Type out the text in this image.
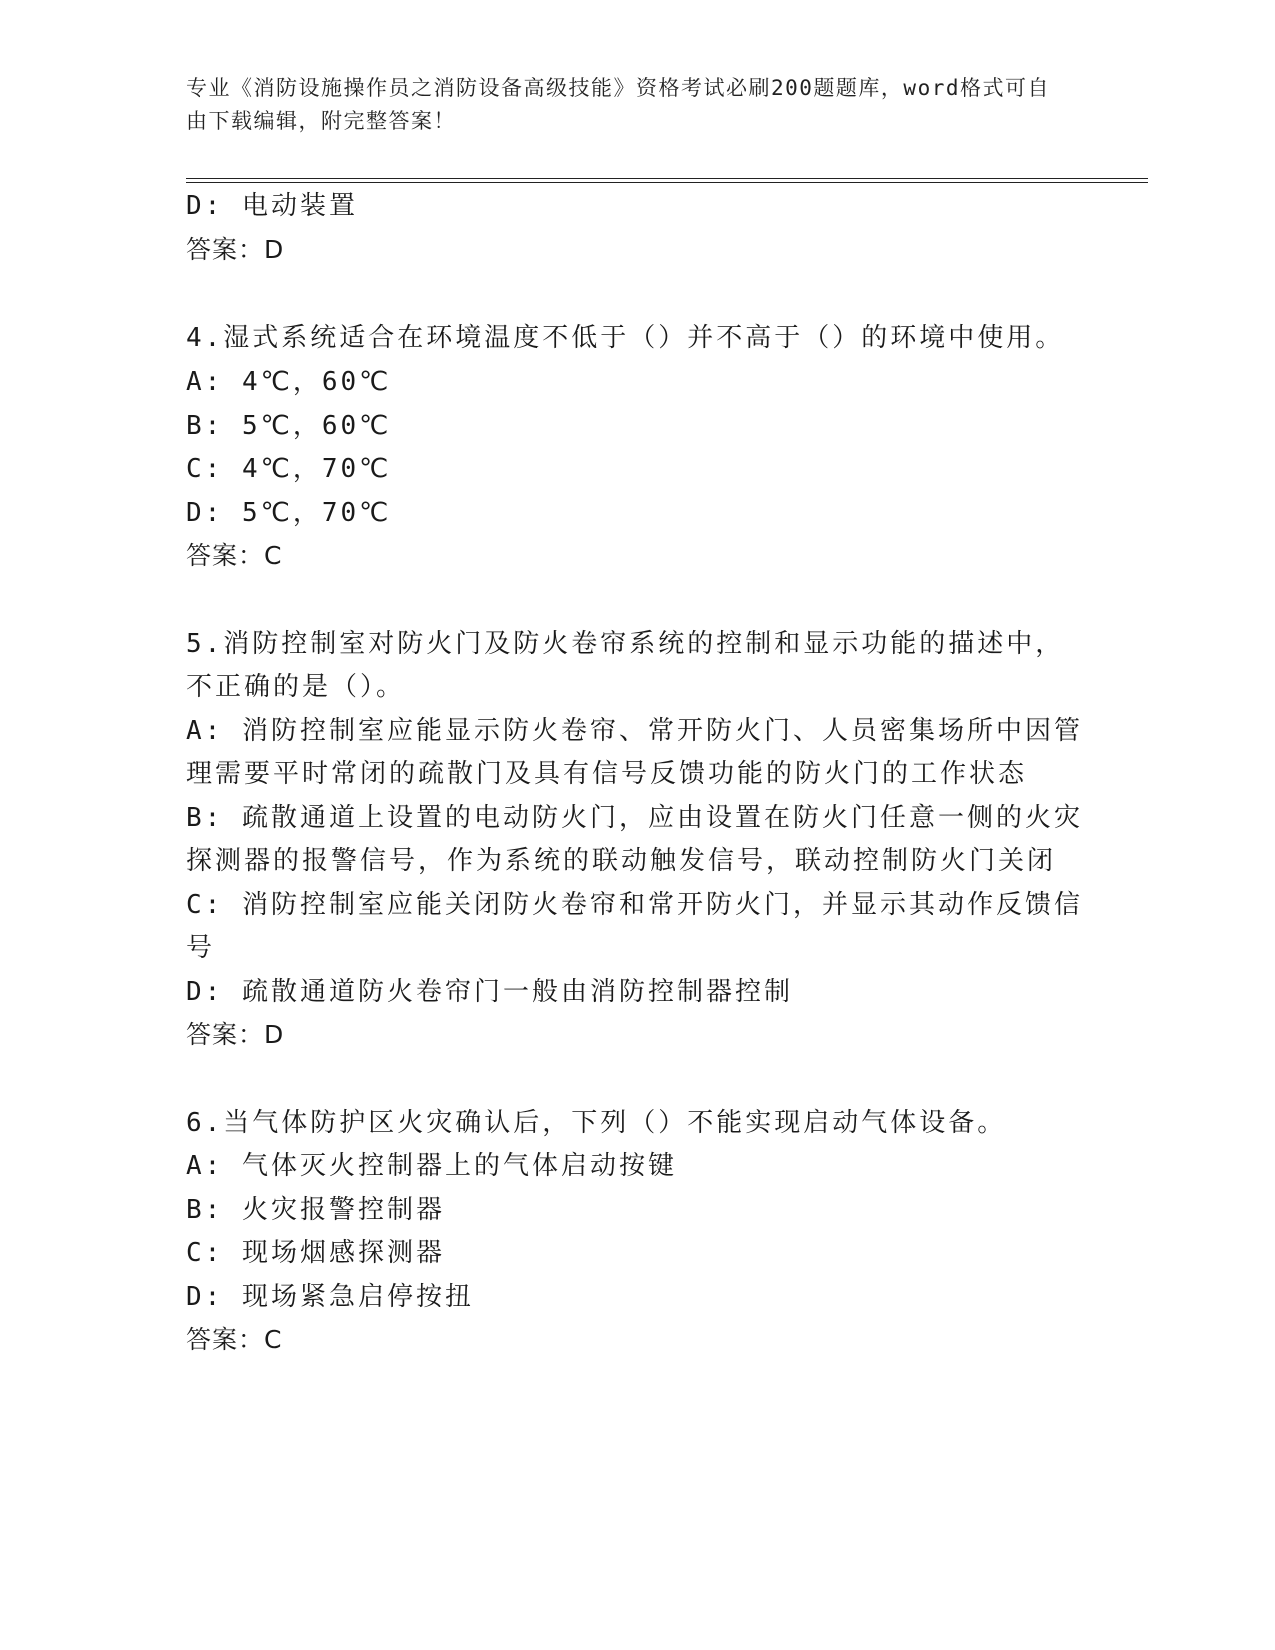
专业《消防设施操作员之消防设备高级技能》资格考试必刷200题题库，word格式可自由下载编辑，附完整答案！
D: 电动装置
答案：D
4.湿式系统适合在环境温度不低于（）并不高于（）的环境中使用。
A: 4℃，60℃
B: 5℃，60℃
C: 4℃，70℃
D: 5℃，70℃
答案：C
5.消防控制室对防火门及防火卷帘系统的控制和显示功能的描述中，
不正确的是（）。
A: 消防控制室应能显示防火卷帘、常开防火门、人员密集场所中因管
理需要平时常闭的疏散门及具有信号反馈功能的防火门的工作状态
B: 疏散通道上设置的电动防火门，应由设置在防火门任意一侧的火灾
探测器的报警信号，作为系统的联动触发信号，联动控制防火门关闭
C: 消防控制室应能关闭防火卷帘和常开防火门，并显示其动作反馈信
号
D: 疏散通道防火卷帘门一般由消防控制器控制
答案：D
6.当气体防护区火灾确认后，下列（）不能实现启动气体设备。
A: 气体灭火控制器上的气体启动按键
B: 火灾报警控制器
C: 现场烟感探测器
D: 现场紧急启停按扭
答案：C
